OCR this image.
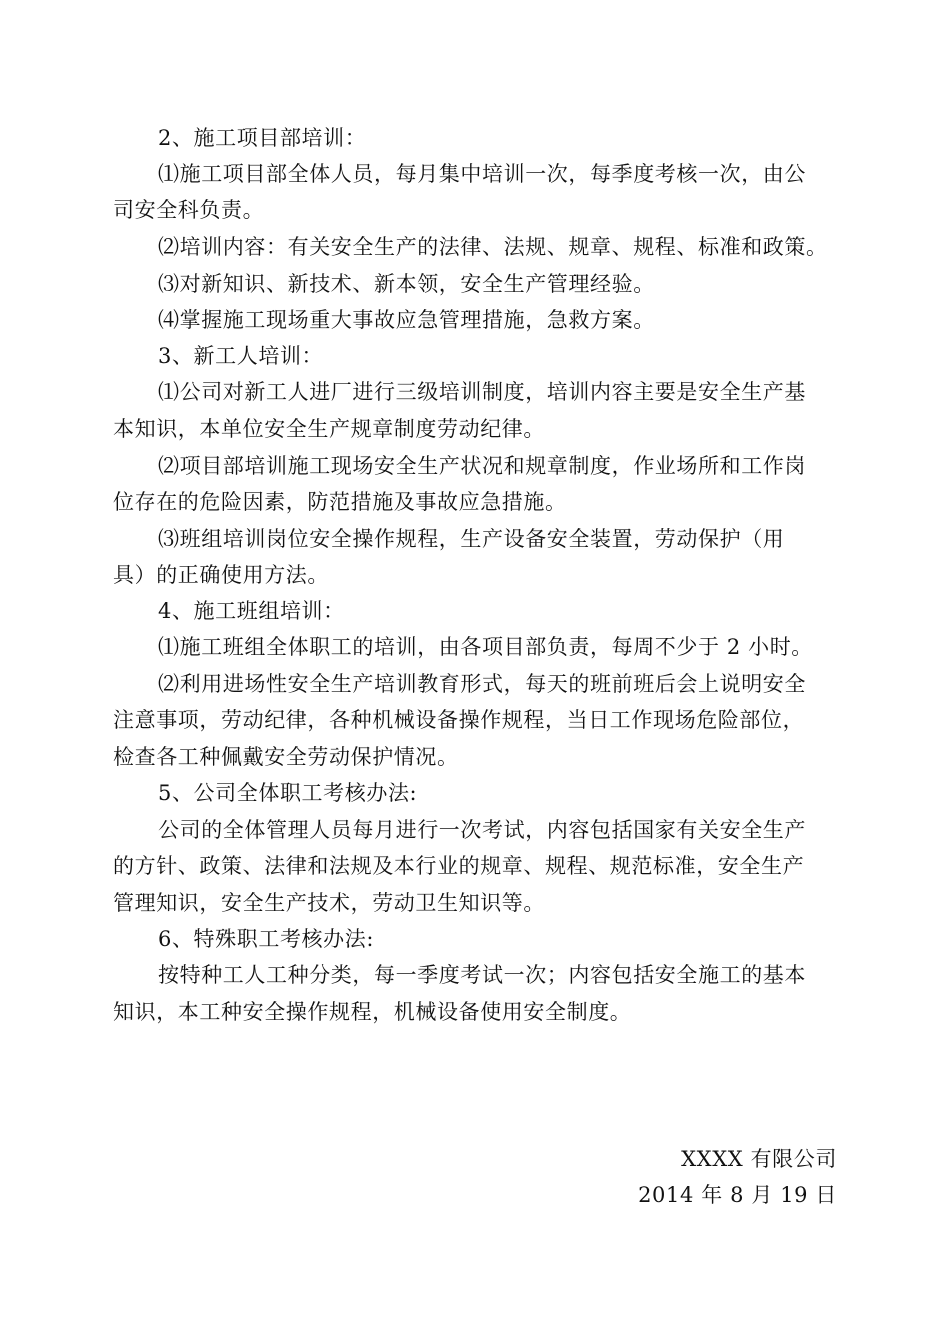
2、施工项目部培训：
⑴施工项目部全体人员，每月集中培训一次，每季度考核一次，由公
司安全科负责。
⑵培训内容：有关安全生产的法律、法规、规章、规程、标准和政策。
⑶对新知识、新技术、新本领，安全生产管理经验。
⑷掌握施工现场重大事故应急管理措施，急救方案。
3、新工人培训：
⑴公司对新工人进厂进行三级培训制度，培训内容主要是安全生产基
本知识，本单位安全生产规章制度劳动纪律。
⑵项目部培训施工现场安全生产状况和规章制度，作业场所和工作岗
位存在的危险因素，防范措施及事故应急措施。
⑶班组培训岗位安全操作规程，生产设备安全装置，劳动保护（用
具）的正确使用方法。
4、施工班组培训：
⑴施工班组全体职工的培训，由各项目部负责，每周不少于 2 小时。
⑵利用进场性安全生产培训教育形式，每天的班前班后会上说明安全
注意事项，劳动纪律，各种机械设备操作规程，当日工作现场危险部位，
检查各工种佩戴安全劳动保护情况。
5、公司全体职工考核办法:
公司的全体管理人员每月进行一次考试，内容包括国家有关安全生产
的方针、政策、法律和法规及本行业的规章、规程、规范标准，安全生产
管理知识，安全生产技术，劳动卫生知识等。
6、特殊职工考核办法:
按特种工人工种分类，每一季度考试一次；内容包括安全施工的基本
知识，本工种安全操作规程，机械设备使用安全制度。
XXXX 有限公司
2014 年 8 月 19 日
